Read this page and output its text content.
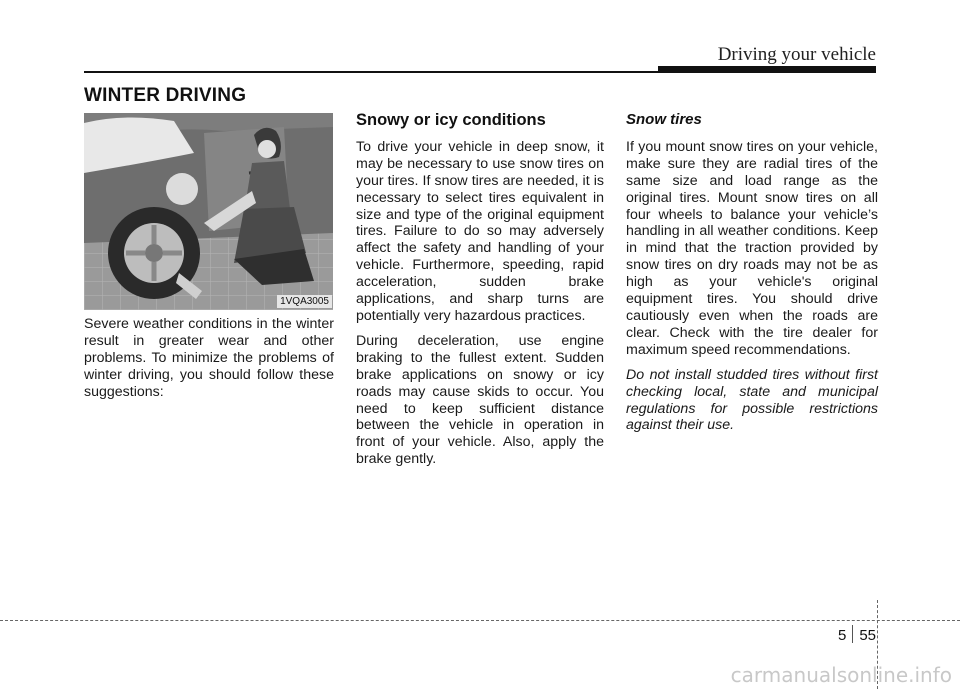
Driving your vehicle
WINTER DRIVING
1VQA3005

Severe weather conditions in the winter result in greater wear and other problems. To minimize the problems of winter driving, you should follow these suggestions:

Snowy or icy conditions

To drive your vehicle in deep snow, it may be necessary to use snow tires on your tires. If snow tires are needed, it is necessary to select tires equivalent in size and type of the original equipment tires. Failure to do so may adversely affect the safety and handling of your vehicle. Furthermore, speeding, rapid acceleration, sudden brake applications, and sharp turns are potentially very hazardous practices.

During deceleration, use engine braking to the fullest extent. Sudden brake applications on snowy or icy roads may cause skids to occur. You need to keep sufficient distance between the vehicle in operation in front of your vehicle. Also, apply the brake gently.

Snow tires

If you mount snow tires on your vehicle, make sure they are radial tires of the same size and load range as the original tires. Mount snow tires on all four wheels to balance your vehicle’s handling in all weather conditions. Keep in mind that the traction provided by snow tires on dry roads may not be as high as your vehicle's original equipment tires. You should drive cautiously even when the roads are clear. Check with the tire dealer for maximum speed recommendations.

Do not install studded tires without first checking local, state and municipal regulations for possible restrictions against their use.

5 55
carmanualsonline.info
